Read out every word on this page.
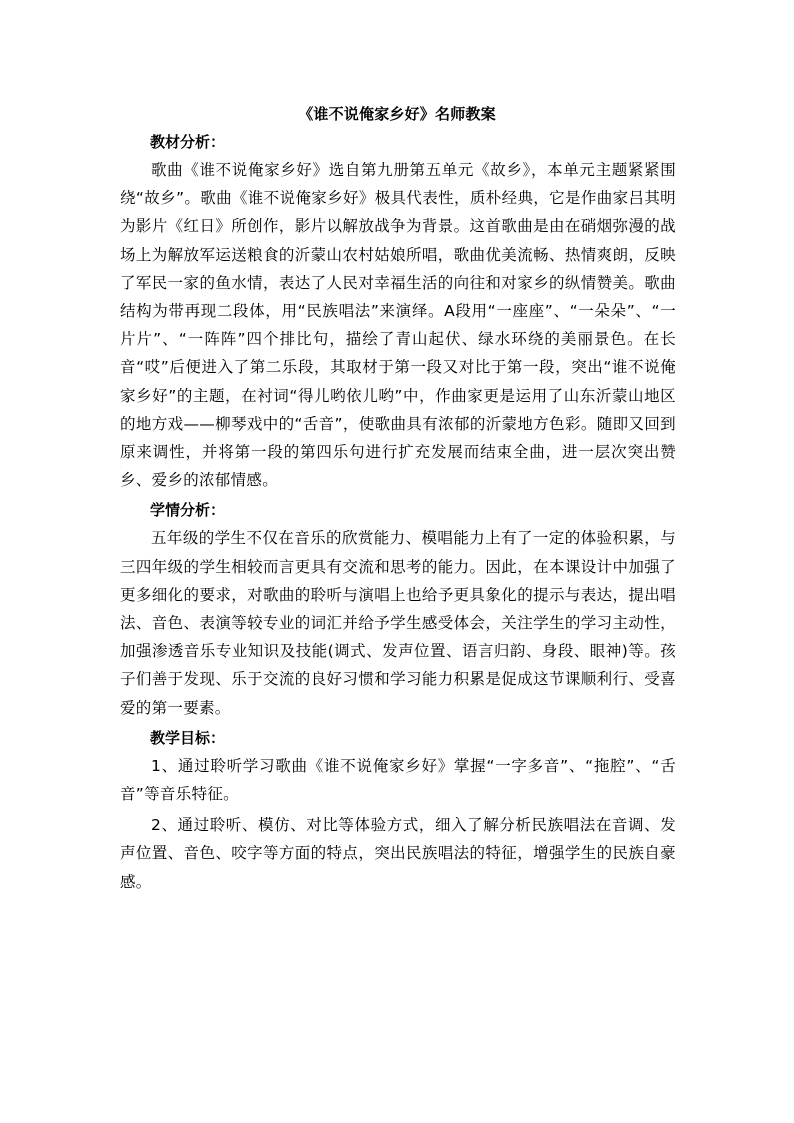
《谁不说俺家乡好》名师教案

教材分析：

歌曲《谁不说俺家乡好》选自第九册第五单元《故乡》，本单元主题紧紧围绕“故乡”。歌曲《谁不说俺家乡好》极具代表性，质朴经典，它是作曲家吕其明为影片《红日》所创作，影片以解放战争为背景。这首歌曲是由在硝烟弥漫的战场上为解放军运送粮食的沂蒙山农村姑娘所唱，歌曲优美流畅、热情爽朗，反映了军民一家的鱼水情，表达了人民对幸福生活的向往和对家乡的纵情赞美。歌曲结构为带再现二段体，用“民族唱法”来演绎。A段用“一座座”、“一朵朵”、“一片片”、“一阵阵”四个排比句，描绘了青山起伏、绿水环绕的美丽景色。在长音“哎”后便进入了第二乐段，其取材于第一段又对比于第一段，突出“谁不说俺家乡好”的主题，在衬词“得儿哟依儿哟”中，作曲家更是运用了山东沂蒙山地区的地方戏——柳琴戏中的“舌音”，使歌曲具有浓郁的沂蒙地方色彩。随即又回到原来调性，并将第一段的第四乐句进行扩充发展而结束全曲，进一层次突出赞乡、爱乡的浓郁情感。

学情分析：

五年级的学生不仅在音乐的欣赏能力、模唱能力上有了一定的体验积累，与三四年级的学生相较而言更具有交流和思考的能力。因此，在本课设计中加强了更多细化的要求，对歌曲的聆听与演唱上也给予更具象化的提示与表达，提出唱法、音色、表演等较专业的词汇并给予学生感受体会，关注学生的学习主动性，加强渗透音乐专业知识及技能(调式、发声位置、语言归韵、身段、眼神)等。孩子们善于发现、乐于交流的良好习惯和学习能力积累是促成这节课顺利行、受喜爱的第一要素。

教学目标：

1、通过聆听学习歌曲《谁不说俺家乡好》掌握“一字多音”、“拖腔”、“舌音”等音乐特征。

2、通过聆听、模仿、对比等体验方式，细入了解分析民族唱法在音调、发声位置、音色、咬字等方面的特点，突出民族唱法的特征，增强学生的民族自豪感。
